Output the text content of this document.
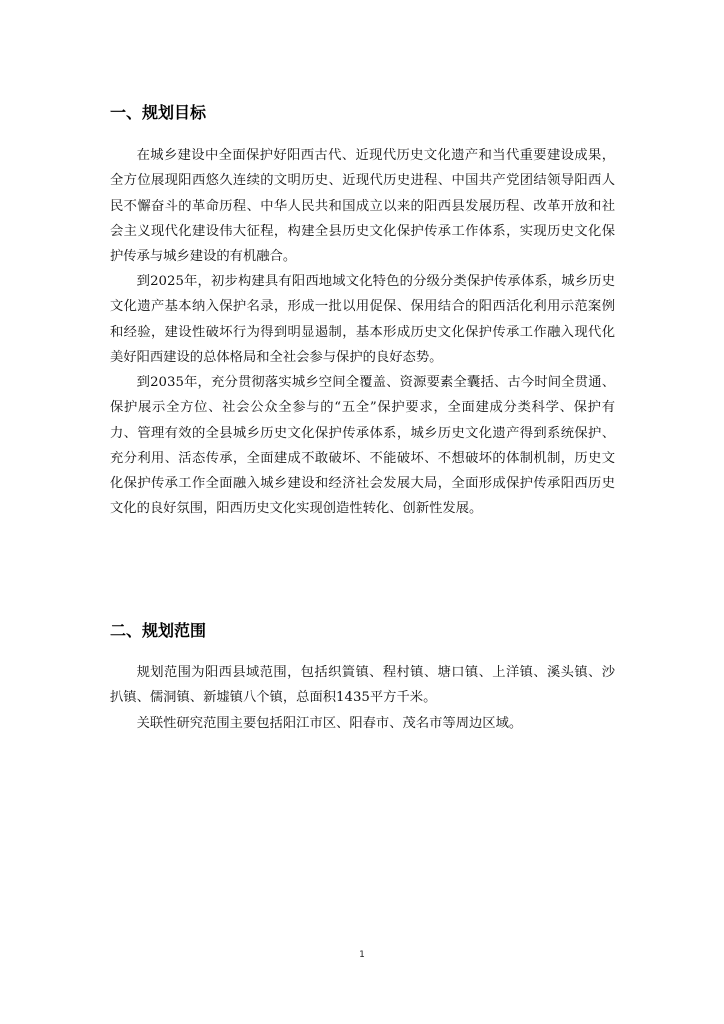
一、规划目标

在城乡建设中全面保护好阳西古代、近现代历史文化遗产和当代重要建设成果，全方位展现阳西悠久连续的文明历史、近现代历史进程、中国共产党团结领导阳西人民不懈奋斗的革命历程、中华人民共和国成立以来的阳西县发展历程、改革开放和社会主义现代化建设伟大征程，构建全县历史文化保护传承工作体系，实现历史文化保护传承与城乡建设的有机融合。

到2025年，初步构建具有阳西地域文化特色的分级分类保护传承体系，城乡历史文化遗产基本纳入保护名录，形成一批以用促保、保用结合的阳西活化利用示范案例和经验，建设性破坏行为得到明显遏制，基本形成历史文化保护传承工作融入现代化美好阳西建设的总体格局和全社会参与保护的良好态势。

到2035年，充分贯彻落实城乡空间全覆盖、资源要素全囊括、古今时间全贯通、保护展示全方位、社会公众全参与的“五全”保护要求，全面建成分类科学、保护有力、管理有效的全县城乡历史文化保护传承体系，城乡历史文化遗产得到系统保护、充分利用、活态传承，全面建成不敢破坏、不能破坏、不想破坏的体制机制，历史文化保护传承工作全面融入城乡建设和经济社会发展大局，全面形成保护传承阳西历史文化的良好氛围，阳西历史文化实现创造性转化、创新性发展。

二、规划范围

规划范围为阳西县域范围，包括织篢镇、程村镇、塘口镇、上洋镇、溪头镇、沙扒镇、儒洞镇、新墟镇八个镇，总面积1435平方千米。

关联性研究范围主要包括阳江市区、阳春市、茂名市等周边区域。

1
